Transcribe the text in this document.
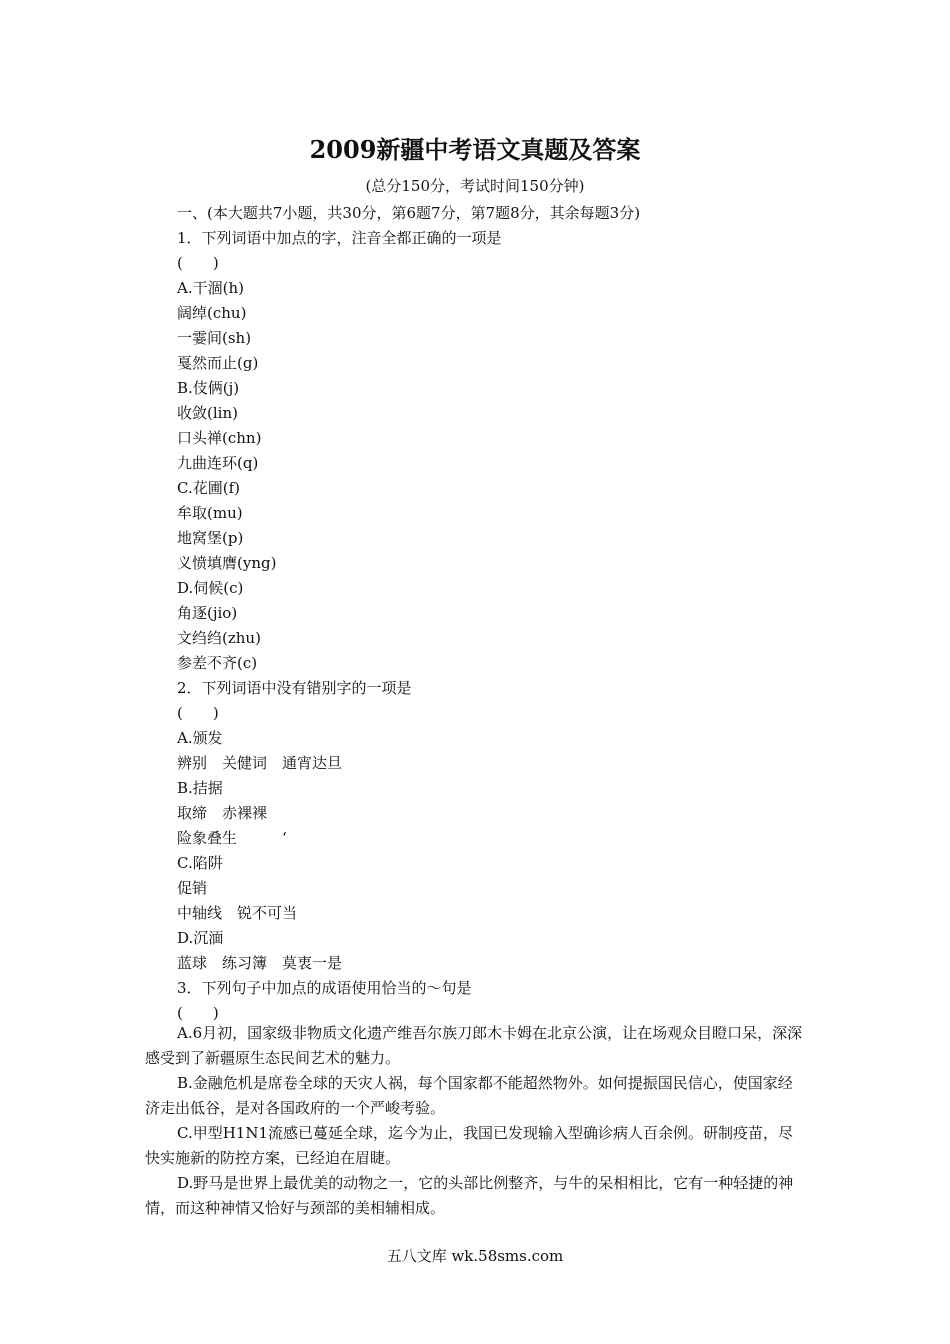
2009新疆中考语文真题及答案
(总分150分，考试时间150分钟)
一、(本大题共7小题，共30分，第6题7分，第7题8分，其余每题3分)
1．下列词语中加点的字，注音全都正确的一项是
(　　)
A.干涸(h)
阔绰(chu)
一霎间(sh)
戛然而止(g)
B.伎俩(j)
收敛(lin)
口头禅(chn)
九曲连环(q)
C.花圃(f)
牟取(mu)
地窝堡(p)
义愤填膺(yng)
D.伺候(c)
角逐(jio)
文绉绉(zhu)
参差不齐(c)
2．下列词语中没有错别字的一项是
(　　)
A.颁发
辨别　关健词　通宵达旦
B.拮据
取缔　赤裸裸
险象叠生　　　‘
C.陷阱
促销
中轴线　锐不可当
D.沉湎
蓝球　练习簿　莫衷一是
3．下列句子中加点的成语使用恰当的～句是
(　　)

A.6月初，国家级非物质文化遗产维吾尔族刀郎木卡姆在北京公演，让在场观众目瞪口呆，深深感受到了新疆原生态民间艺术的魅力。

B.金融危机是席卷全球的天灾人祸，每个国家都不能超然物外。如何提振国民信心，使国家经济走出低谷，是对各国政府的一个严峻考验。

C.甲型H1N1流感已蔓延全球，迄今为止，我国已发现输入型确诊病人百余例。研制疫苗，尽快实施新的防控方案，已经迫在眉睫。

D.野马是世界上最优美的动物之一，它的头部比例整齐，与牛的呆相相比，它有一种轻捷的神情，而这种神情又恰好与颈部的美相辅相成。

五八文库 wk.58sms.com
